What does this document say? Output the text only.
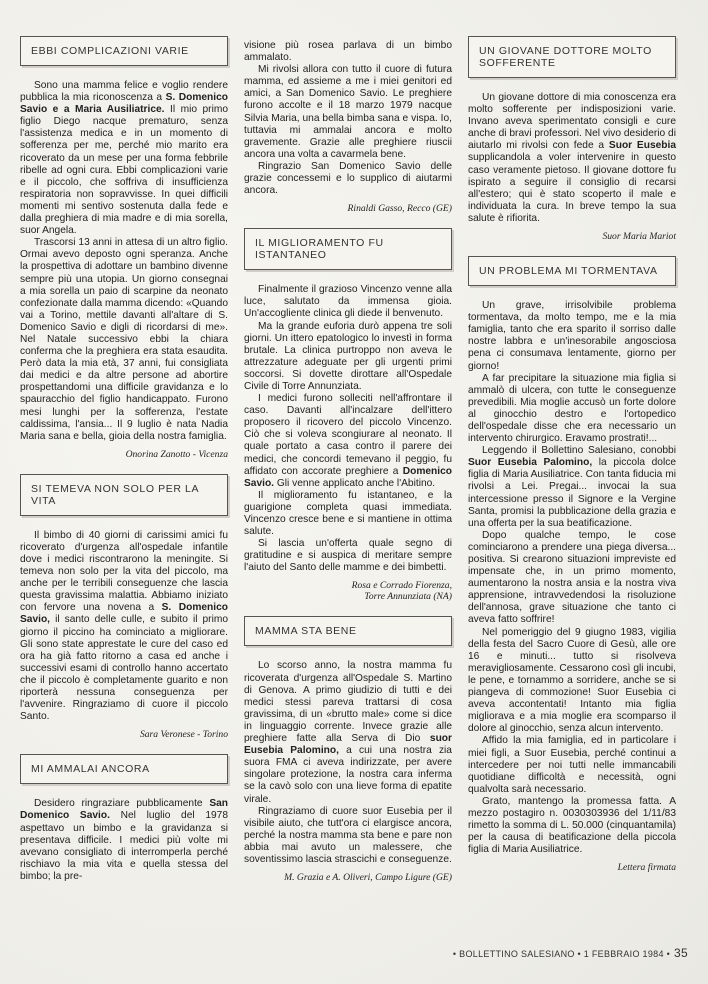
EBBI COMPLICAZIONI VARIE

Sono una mamma felice e voglio rendere pubblica la mia riconoscenza a S. Domenico Savio e a Maria Ausiliatrice. Il mio primo figlio Diego nacque prematuro, senza l'assistenza medica e in un momento di sofferenza per me, perché mio marito era ricoverato da un mese per una forma febbrile ribelle ad ogni cura. Ebbi complicazioni varie e il piccolo, che soffriva di insufficienza respiratoria non sopravvisse. In quei difficili momenti mi sentivo sostenuta dalla fede e dalla preghiera di mia madre e di mia sorella, suor Angela.

Trascorsi 13 anni in attesa di un altro figlio. Ormai avevo deposto ogni speranza. Anche la prospettiva di adottare un bambino divenne sempre più una utopia. Un giorno consegnai a mia sorella un paio di scarpine da neonato confezionate dalla mamma dicendo: «Quando vai a Torino, mettile davanti all'altare di S. Domenico Savio e digli di ricordarsi di me». Nel Natale successivo ebbi la chiara conferma che la preghiera era stata esaudita. Però data la mia età, 37 anni, fui consigliata dai medici e da altre persone ad abortire prospettandomi una difficile gravidanza e lo spauracchio del figlio handicappato. Furono mesi lunghi per la sofferenza, l'estate caldissima, l'ansia... Il 9 luglio è nata Nadia Maria sana e bella, gioia della nostra famiglia.

Onorina Zanotto - Vicenza
SI TEMEVA NON SOLO PER LA VITA

Il bimbo di 40 giorni di carissimi amici fu ricoverato d'urgenza all'ospedale infantile dove i medici riscontrarono la meningite. Si temeva non solo per la vita del piccolo, ma anche per le terribili conseguenze che lascia questa gravissima malattia. Abbiamo iniziato con fervore una novena a S. Domenico Savio, il santo delle culle, e subito il primo giorno il piccino ha cominciato a migliorare. Gli sono state apprestate le cure del caso ed ora ha già fatto ritorno a casa ed anche i successivi esami di controllo hanno accertato che il piccolo è completamente guarito e non riporterà nessuna conseguenza per l'avvenire. Ringraziamo di cuore il piccolo Santo.

Sara Veronese - Torino
MI AMMALAI ANCORA

Desidero ringraziare pubblicamente San Domenico Savio. Nel luglio del 1978 aspettavo un bimbo e la gravidanza si presentava difficile. I medici più volte mi avevano consigliato di interromperla perché rischiavo la mia vita e quella stessa del bimbo; la pre-

visione più rosea parlava di un bimbo ammalato.

Mi rivolsi allora con tutto il cuore di futura mamma, ed assieme a me i miei genitori ed amici, a San Domenico Savio. Le preghiere furono accolte e il 18 marzo 1979 nacque Silvia Maria, una bella bimba sana e vispa. Io, tuttavia mi ammalai ancora e molto gravemente. Grazie alle preghiere riuscii ancora una volta a cavarmela bene.

Ringrazio San Domenico Savio delle grazie concessemi e lo supplico di aiutarmi ancora.

Rinaldi Gasso, Recco (GE)
IL MIGLIORAMENTO FU ISTANTANEO

Finalmente il grazioso Vincenzo venne alla luce, salutato da immensa gioia. Un'accogliente clinica gli diede il benvenuto.

Ma la grande euforia durò appena tre soli giorni. Un ittero epatologico lo investì in forma brutale. La clinica purtroppo non aveva le attrezzature adeguate per gli urgenti primi soccorsi. Si dovette dirottare all'Ospedale Civile di Torre Annunziata.

I medici furono solleciti nell'affrontare il caso. Davanti all'incalzare dell'ittero proposero il ricovero del piccolo Vincenzo. Ciò che si voleva scongiurare al neonato. Il quale portato a casa contro il parere dei medici, che concordi temevano il peggio, fu affidato con accorate preghiere a Domenico Savio. Gli venne applicato anche l'Abitino.

Il miglioramento fu istantaneo, e la guarigione completa quasi immediata. Vincenzo cresce bene e si mantiene in ottima salute.

Si lascia un'offerta quale segno di gratitudine e si auspica di meritare sempre l'aiuto del Santo delle mamme e dei bimbetti.

Rosa e Corrado Fiorenza,
Torre Annunziata (NA)
MAMMA STA BENE

Lo scorso anno, la nostra mamma fu ricoverata d'urgenza all'Ospedale S. Martino di Genova. A primo giudizio di tutti e dei medici stessi pareva trattarsi di cosa gravissima, di un «brutto male» come si dice in linguaggio corrente. Invece grazie alle preghiere fatte alla Serva di Dio suor Eusebia Palomino, a cui una nostra zia suora FMA ci aveva indirizzate, per avere singolare protezione, la nostra cara inferma se la cavò solo con una lieve forma di epatite virale.

Ringraziamo di cuore suor Eusebia per il visibile aiuto, che tutt'ora ci elargisce ancora, perché la nostra mamma sta bene e pare non abbia mai avuto un malessere, che soventissimo lascia strascichi e conseguenze.

M. Grazia e A. Oliveri, Campo Ligure (GE)
UN GIOVANE DOTTORE MOLTO SOFFERENTE

Un giovane dottore di mia conoscenza era molto sofferente per indisposizioni varie. Invano aveva sperimentato consigli e cure anche di bravi professori. Nel vivo desiderio di aiutarlo mi rivolsi con fede a Suor Eusebia supplicandola a voler intervenire in questo caso veramente pietoso. Il giovane dottore fu ispirato a seguire il consiglio di recarsi all'estero; qui è stato scoperto il male e individuata la cura. In breve tempo la sua salute è rifiorita.

Suor Maria Mariot
UN PROBLEMA MI TORMENTAVA

Un grave, irrisolvibile problema tormentava, da molto tempo, me e la mia famiglia, tanto che era sparito il sorriso dalle nostre labbra e un'inesorabile angosciosa pena ci consumava lentamente, giorno per giorno!

A far precipitare la situazione mia figlia si ammalò di ulcera, con tutte le conseguenze prevedibili. Mia moglie accusò un forte dolore al ginocchio destro e l'ortopedico dell'ospedale disse che era necessario un intervento chirurgico. Eravamo prostrati!...

Leggendo il Bollettino Salesiano, conobbi Suor Eusebia Palomino, la piccola dolce figlia di Maria Ausiliatrice. Con tanta fiducia mi rivolsi a Lei. Pregai... invocai la sua intercessione presso il Signore e la Vergine Santa, promisi la pubblicazione della grazia e una offerta per la sua beatificazione.

Dopo qualche tempo, le cose cominciarono a prendere una piega diversa... positiva. Si crearono situazioni impreviste ed impensate che, in un primo momento, aumentarono la nostra ansia e la nostra viva apprensione, intravvedendosi la risoluzione dell'annosa, grave situazione che tanto ci aveva fatto soffrire!

Nel pomeriggio del 9 giugno 1983, vigilia della festa del Sacro Cuore di Gesù, alle ore 16 e minuti... tutto si risolveva meravigliosamente. Cessarono così gli incubi, le pene, e tornammo a sorridere, anche se si piangeva di commozione! Suor Eusebia ci aveva accontentati! Intanto mia figlia migliorava e a mia moglie era scomparso il dolore al ginocchio, senza alcun intervento.

Affido la mia famiglia, ed in particolare i miei figli, a Suor Eusebia, perché continui a intercedere per noi tutti nelle immancabili quotidiane difficoltà e necessità, ogni qualvolta sarà necessario.

Grato, mantengo la promessa fatta. A mezzo postagiro n. 0030303936 del 1/11/83 rimetto la somma di L. 50.000 (cinquantamila) per la causa di beatificazione della piccola figlia di Maria Ausiliatrice.

Lettera firmata
• BOLLETTINO SALESIANO • 1 FEBBRAIO 1984 • 35
